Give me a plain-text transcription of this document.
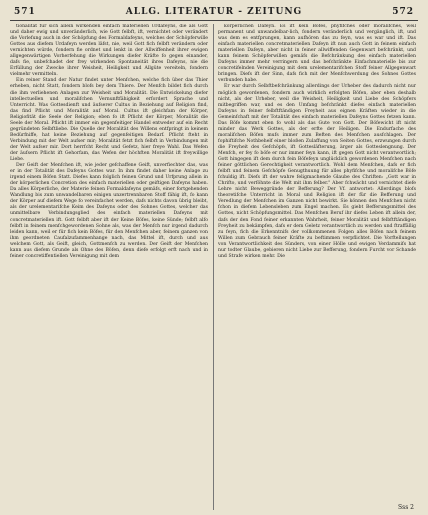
571	ALLG. LITERATUR - ZEITUNG	572

tionalität für sich allein wirkenden einfach materiellen Urdafeyns, die als Gott und daher ewig und unveränderlich, wie Gott felbft, ift, vernichtet oder verändert die Vorlefung auch in der Schöpfung des Formaldafeyns, welches der Schöpferwille Gottes aus diefem Urdafeyn werden läfst, nie, weil Gott fich felbft verändern oder vernichten würde, fondern fie ordnet und lenkt in der Allwiffenheit ihrer ewigen allgegenwärtigen Vorherfehung die Wirkungen diefer Kräfte fo gegen einander, dafs fie, unbefchadet der frey wirkenden Spontaneität ihres Dafeyns, nie die Erfüllung der Zwecke ihrer Weisheit, Heiligkeit und Allgüte vereiteln, fondern vielmehr vermitteln.

Ein reiner Stand der Natur findet unter Menfchen, welche fich über das Thier erheben, nicht Statt, fondern blofs bey dem Thiere. Der Menfch bildet fich durch die ihm verliehenen Anlagen zur Weisheit und Moralität. Die Entwickelung diefer intellectuellen und moralifchen Vernunftfähigkeit erfordert Sprache und Unterricht. Was Gottesdienft und äufserer Cultus in Beziehung auf Religion find, das find Pflicht und Moralität auf Moral. Cultus ift gleichfam der Körper, Religiofität die Seele der Religion; eben fo ift Pflicht der Körper, Moralität die Seele der Moral. Pflicht ift immer ein gegenfeitiger Handel entweder auf ein Recht gegründeten Selbftliebe. Die Quelle der Moralität des Willens entfpringt in keinem Bedürfniffe, hat keine Beziehung auf gegenfeitigen Bedarf. Pflicht fteht in Verbindung mit der Welt aufser mir; Moralität fetzt fich felbft in Verbindungen mit der Welt aufser mir. Dort herrfcht Recht und Gefetz, hier freye Wahl. Das Wefen der äufsern Pflicht ift Gehorfam, das Wefen der höchften Moralität ift freywillige Liebe.

Der Geift der Menfchen ift, wie jeder gefchaffene Geift, unverfiechter das, was er in der Totalität des Dafeyns Gottes war. In ihm findet daher keine Anlage zu irgend einem Böfen Statt. Diefes kann folglich feinen Grund und Urfprung allein in der körperlichen Concretion des einfach materiellen oder geiftigen Dafeyns haben. Da alles Körperliche, der Materie feinen Formaldafeyns gemäfs, einer fortgehenden Wandlung bis zum unwandelbaren einigen unzertrennbaren Stoff fähig ift, fo kann der Körper auf diefem Wege fo vereinfachet werden, dafs nichts davon übrig bleibt, als der urelementarifche Keim des Dafeyns oder des Sohnes Gottes, welcher das unmittelbare Verbindungsglied des einfach materiellen Dafeyns mit concretmateriellen ift. Gott felbft aber ift der Keine Böfes, keine Sünde; felbft alfo felbft in feinem menfchgewordenen Sohne als, was der Menfch nur irgend dadurch leiden kann, weil er für fich kein Böfes, für den Menfchen aber, feinem ganzen von ihm geordneten Caufalzufammenhange nach, das Mittel ift, durch und aus welchem Gott, als Geift, gleich, Gottmenfch zu werden. Der Geift der Menfchen kann aus diefem Grunde als Ohne des Böfen, denn diefe erfolgt erft nach und in feiner concretiffentiellen Vereinigung mit dem

körperlichen Dafeyn. Es ift kein Böfes, phyfifches oder moralifches, weil permanent und unwandelbar-lich, fondern veränderlich und vergänglich, ift, und was dem es entfprungen, kann aufhören das zu feyn, was es war und ift. Das einfach materiellen concretmateriellen Dafeyn ift nun auch Gott in feinem einfach materiellen Dafeyn, aber nicht in feiner allwiffenden Gegenwart befchränkt, und kann feinem Schöpferwillen gemäfs die Befchränkung des einfach materiellen Dafeyns immer mehr verringern und das befchränkte Einfachmaterielle bis zur concretifelnden Vereinigung mit dem urelementarifchen Stoff feiner Allgegenwart bringen. Diefs ift der Sinn, dafs fich mit der Menfchwerdung des Sohnes Gottes verbunden habe.

Er war durch Selbftbefchränkung allerdings der Urheber des dadurch nicht nur möglich gewordenen, fondern auch wirklich erfolgten Böfen, aber eben deshalb nicht, als der Urheber, weil die Weisheit, Heiligkeit und Liebe des Schöpfers mitbegriffen war, und es den Umfang befchränkt diefes einfach materiellen Dafeyns in feiner felbftftändigen Freyheit aus eignen Kräften wieder in die Gemeinfchaft mit der Totalität des einfach materiellen Dafeyns Gottes fetzen kann. Das Böfe kommt eben fo wohl als das Gute von Gott. Der Böfewicht ift nicht minder das Werk Gottes, als der erfte der Heiligen. Die Endurfache des moralifchen Böfen mufs immer zum Beften des Menfchen ausfchlagen. Der fophiftifche Nothbehelf einer bloßen Zulaffung von Seiten Gottes, erzwungen durch die Freyheit des Gefchöpfs, ift Gottesläfterung, ärger als Gotteslengnung. Der Menfch, er fey fo böfe er nur immer feyn kann, ift gegen Gott nicht verantwortlich; Gott hingegen ift dem durch fein Böfefeyn unglücklich gewordenen Menfchen nach feiner göttlichen Gerechtigkeit verantwortlich. Wohl dem Menfchen, dafs er fich felbft und feinem Gefchöpfe Genugthuung für alles phyfifche und moralifche Böfe fchuldig ift. Diefs ift der wahre feligmachende Glaube des Chriften: „Gott war in Chrifto, und verföhnte die Welt mit ihm felber." Aber fchwächt und vernichtet diefe Lehre nicht Beweggründe der Befferung? Der Vf. antwortet: Allerdings blofs theoretifche Unterricht in Moral und Religion ift der für die Befferung und Veredlung der Menfchen im Ganzen nicht bewirkt. Sie können den Menfchen nicht fchon in diefem Lebensleben zum Engel machen. Es giebt Befferungsmittel des Gottes, nicht Schöpfungsmittel. Das Menfchen Beruf ihr diefes Leben ift allein der, dafs der den Fond feiner erkannten Wahrheit, feiner Moralität und felbftftändigen Freyheit zu bekämpfen, dafs er dem Geletz verantwortlich zu werden und ftraffällig zu feyn, fich die Erkenntnifs der vollkommenen Folgen alles Böfen nach feinem Willen zum Gebrauch feiner Kräfte zu beftimmen verpflichtet. Die Vorftellungen von Verantwortlichkeit des Sünders, von einer Hölle und ewigen Verdammifs hat nur todter Glaube, gebieren nicht Liebe zur Befferung, fondern Furcht vor Schande und Strafe wirken mehr. Die

Sss 2
